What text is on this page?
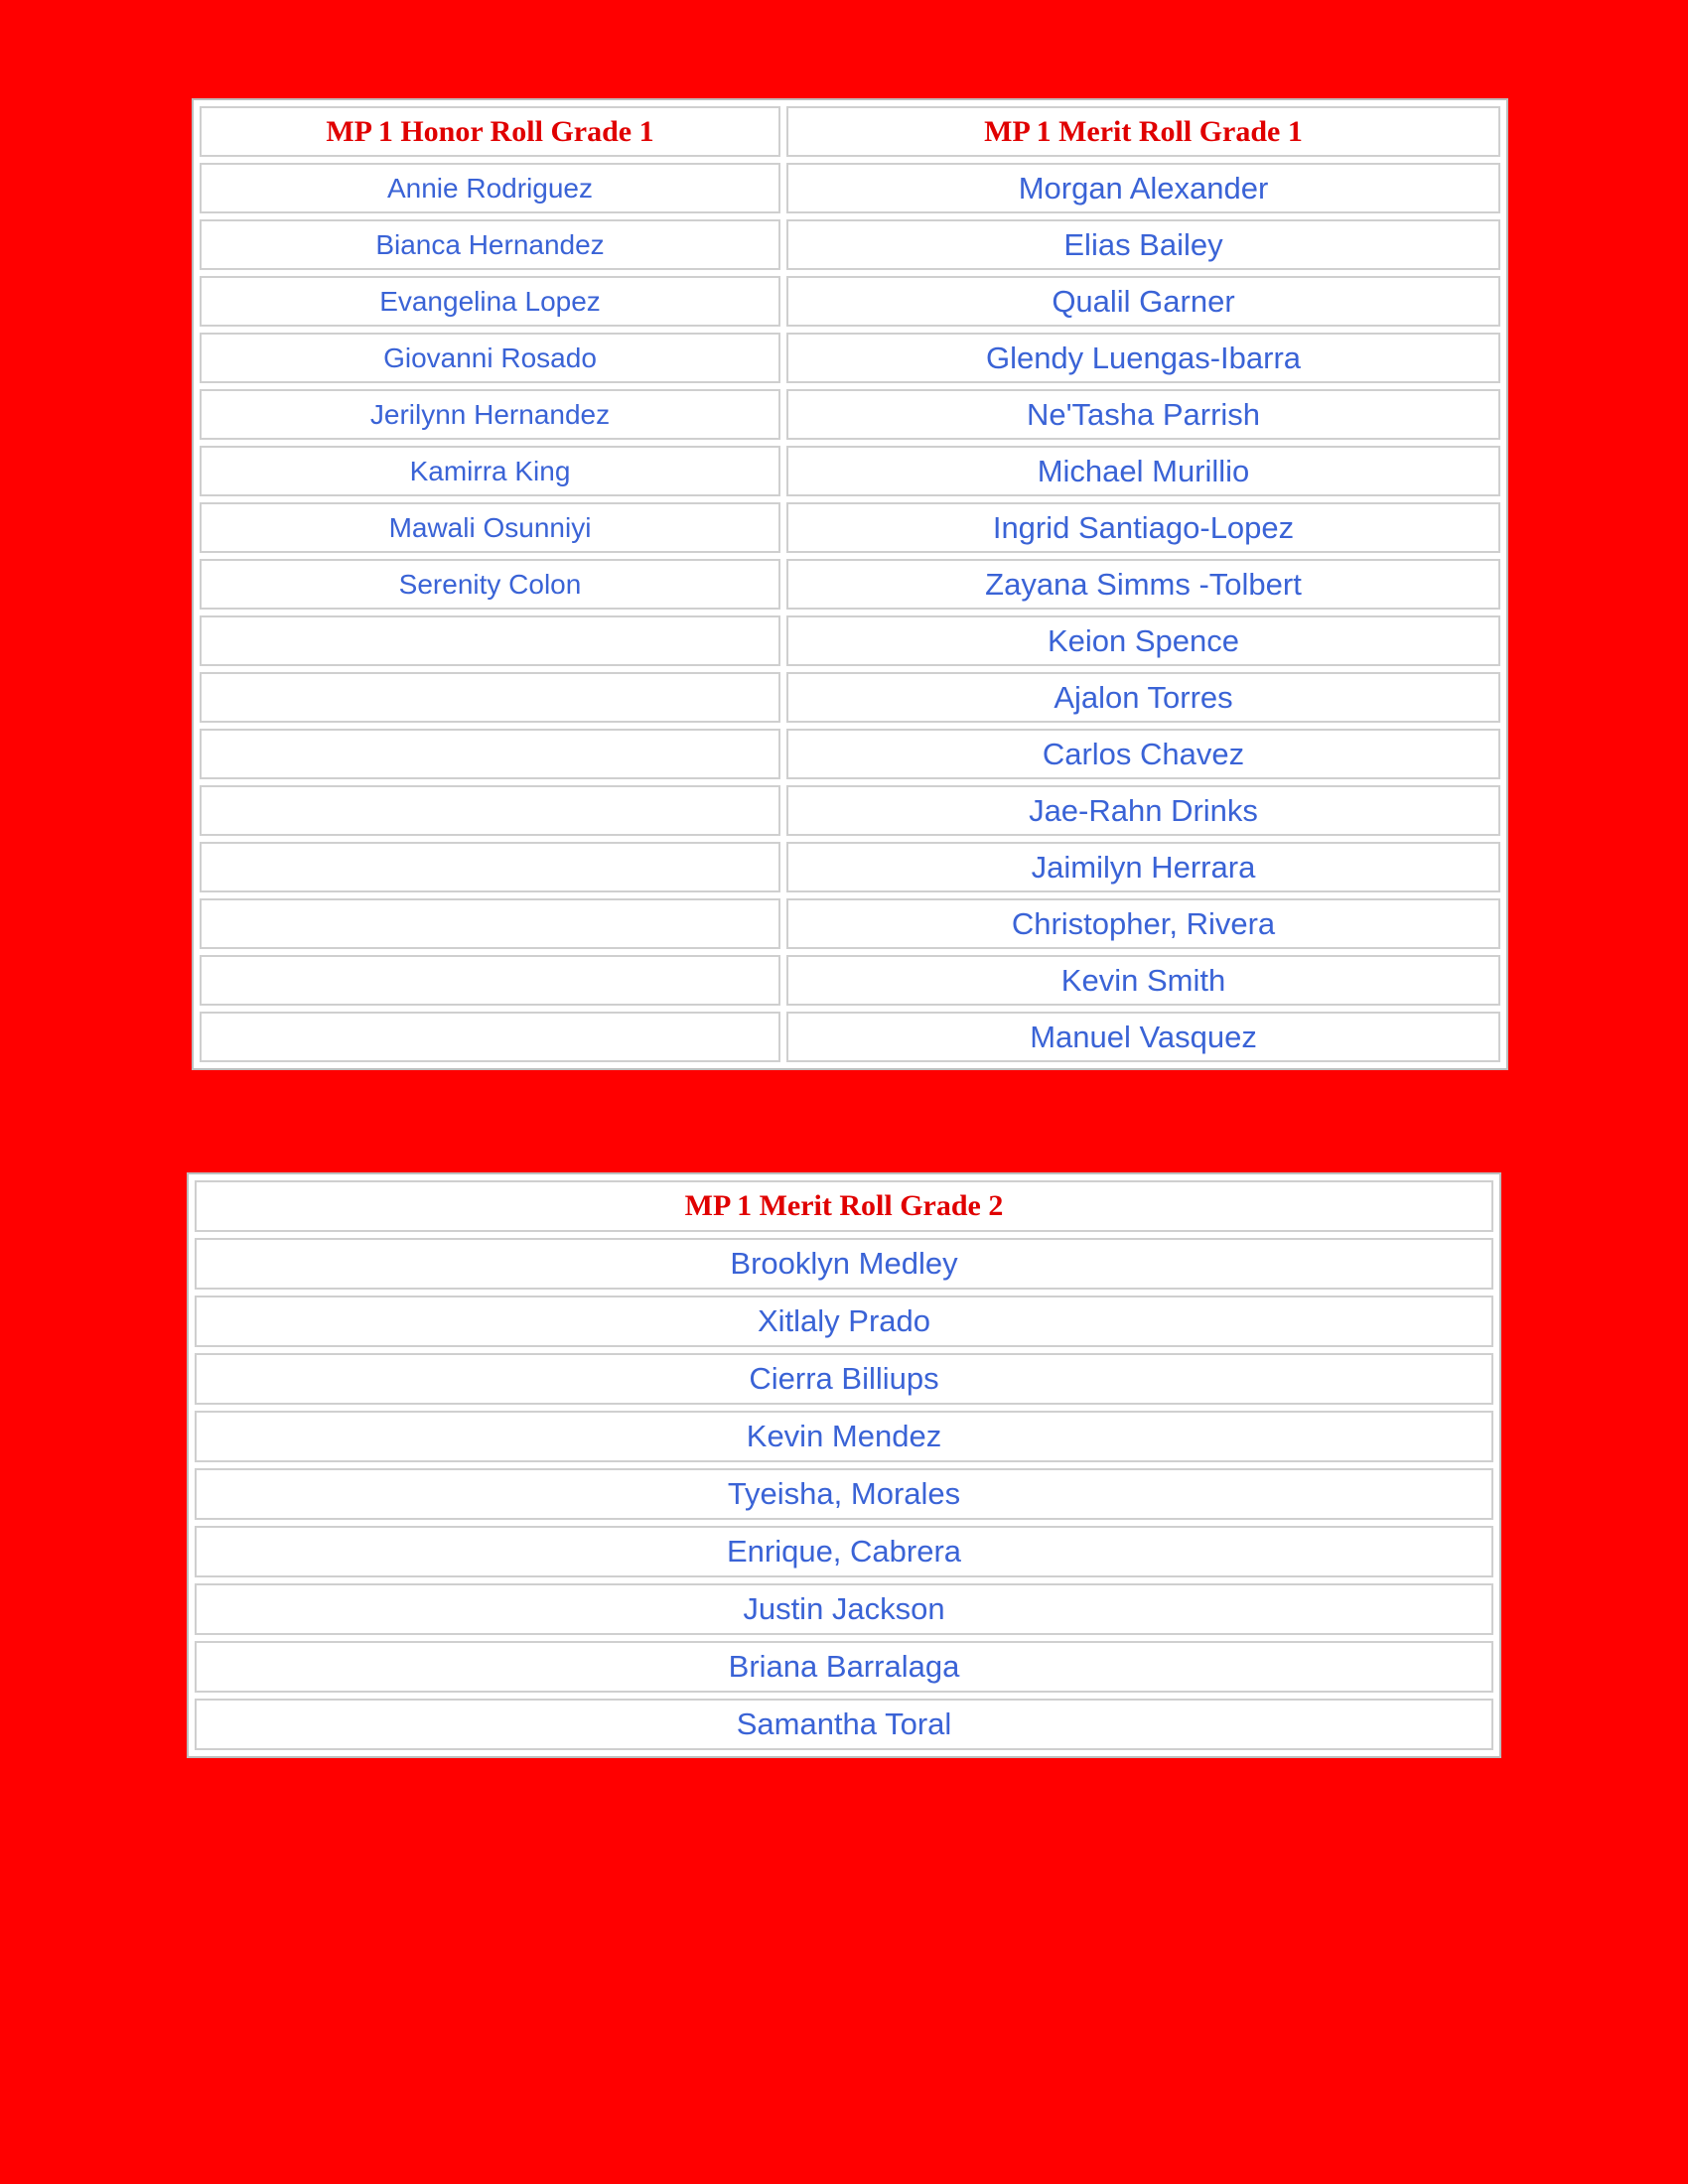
MP 1 Honor Roll Grade 1	MP 1 Merit Roll Grade 1
Annie Rodriguez	Morgan Alexander
Bianca Hernandez	Elias Bailey
Evangelina Lopez	Qualil Garner
Giovanni Rosado	Glendy Luengas-Ibarra
Jerilynn Hernandez	Ne'Tasha Parrish
Kamirra King	Michael Murillio
Mawali Osunniyi	Ingrid Santiago-Lopez
Serenity Colon	Zayana Simms -Tolbert
	Keion Spence
	Ajalon Torres
	Carlos Chavez
	Jae-Rahn Drinks
	Jaimilyn Herrara
	Christopher, Rivera
	Kevin Smith
	Manuel Vasquez
MP 1 Merit Roll Grade 2
Brooklyn Medley
Xitlaly Prado
Cierra Billiups
Kevin Mendez
Tyeisha, Morales
Enrique, Cabrera
Justin Jackson
Briana Barralaga
Samantha Toral
